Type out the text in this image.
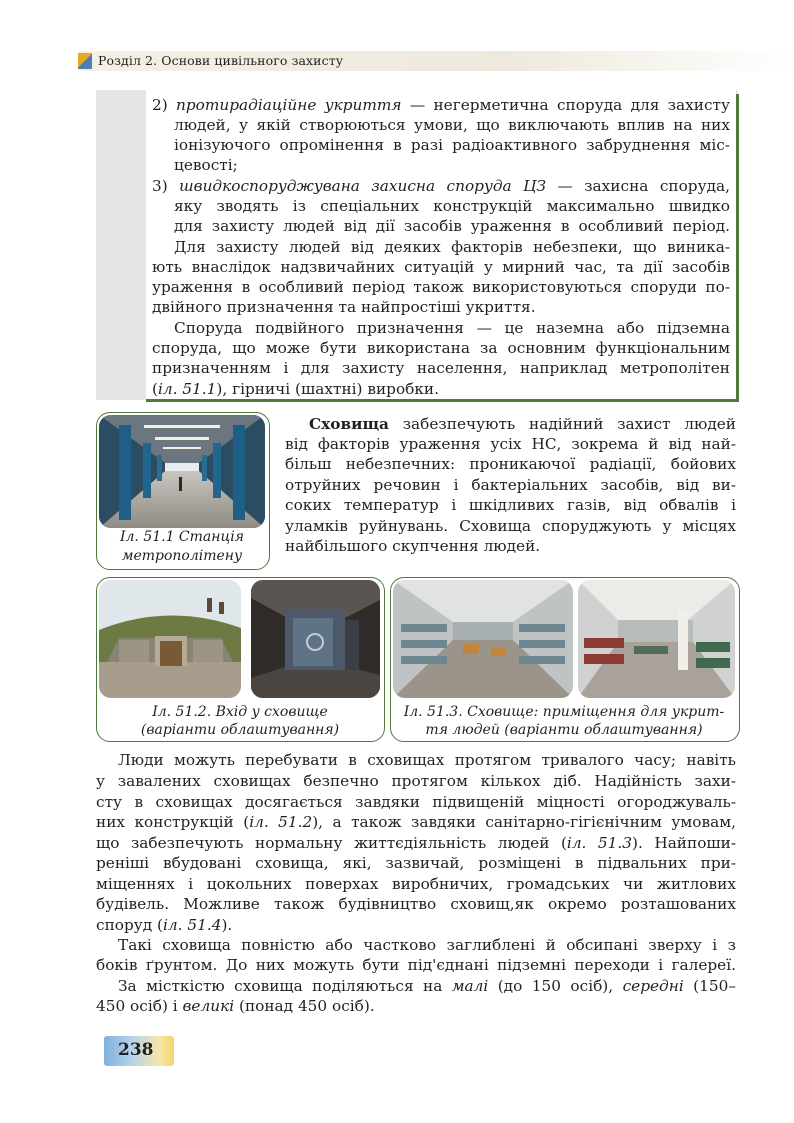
Розділ 2. Основи цивільного захисту
2) протирадіаційне укриття — негерметична споруда для захисту
людей, у якій створюються умови, що виключають вплив на них
іонізуючого опромінення в разі радіоактивного забруднення міс-
цевості;
3) швидкоспоруджувана захисна споруда ЦЗ — захисна споруда,
яку зводять із спеціальних конструкцій максимально швидко
для захисту людей від дії засобів ураження в особливий період.
Для захисту людей від деяких факторів небезпеки, що виника-
ють внаслідок надзвичайних ситуацій у мирний час, та дії засобів
ураження в особливий період також використовуються споруди по-
двійного призначення та найпростіші укриття.
Споруда подвійного призначення — це наземна або підземна
споруда, що може бути використана за основним функціональним
призначенням і для захисту населення, наприклад метрополітен
(іл. 51.1), гірничі (шахтні) виробки.
Іл. 51.1 Станція
метрополітену
Сховища забезпечують надійний захист людей
від факторів ураження усіх НС, зокрема й від най-
більш небезпечних: проникаючої радіації, бойових
отруйних речовин і бактеріальних засобів, від ви-
соких температур і шкідливих газів, від обвалів і
уламків руйнувань. Сховища споруджують у місцях
найбільшого скупчення людей.
Іл. 51.2. Вхід у сховище
(варіанти облаштування)
Іл. 51.3. Сховище: приміщення для укрит-
тя людей (варіанти облаштування)
Люди можуть перебувати в сховищах протягом тривалого часу; навіть
у завалених сховищах безпечно протягом кількох діб. Надійність захи-
сту в сховищах досягається завдяки підвищеній міцності огороджуваль-
них конструкцій (іл. 51.2), а також завдяки санітарно-гігієнічним умовам,
що забезпечують нормальну життєдіяльність людей (іл. 51.3). Найпоши-
реніші вбудовані сховища, які, зазвичай, розміщені в підвальних при-
міщеннях і цокольних поверхах виробничих, громадських чи житлових
будівель. Можливе також будівництво сховищ,як окремо розташованих
споруд (іл. 51.4).
Такі сховища повністю або частково заглиблені й обсипані зверху і з
боків ґрунтом. До них можуть бути під'єднані підземні переходи і галереї.
За місткістю сховища поділяються на малі (до 150 осіб), середні (150–
450 осіб) і великі (понад 450 осіб).
238
